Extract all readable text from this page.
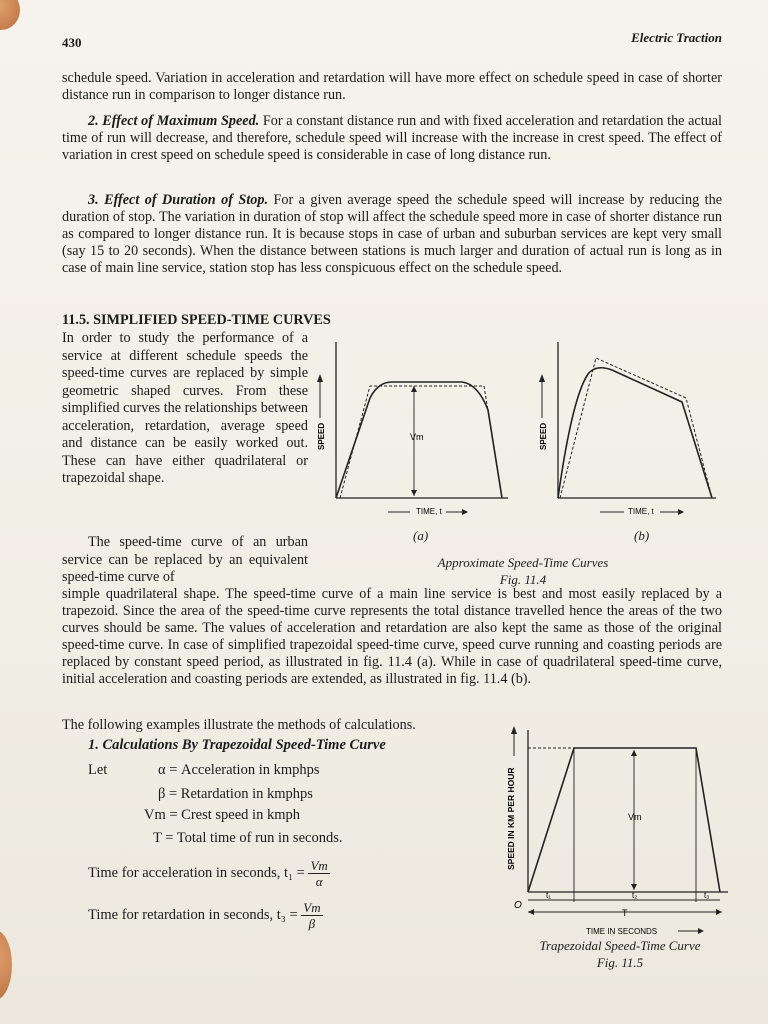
430	Electric Traction
schedule speed. Variation in acceleration and retardation will have more effect on schedule speed in case of shorter distance run in comparison to longer distance run.
2. Effect of Maximum Speed. For a constant distance run and with fixed acceleration and retardation the actual time of run will decrease, and therefore, schedule speed will increase with the increase in crest speed. The effect of variation in crest speed on schedule speed is considerable in case of long distance run.
3. Effect of Duration of Stop. For a given average speed the schedule speed will increase by reducing the duration of stop. The variation in duration of stop will affect the schedule speed more in case of shorter distance run as compared to longer distance run. It is because stops in case of urban and suburban services are kept very small (say 15 to 20 seconds). When the distance between stations is much larger and duration of actual run is long as in case of main line service, station stop has less conspicuous effect on the schedule speed.
11.5. SIMPLIFIED SPEED-TIME CURVES
In order to study the performance of a service at different schedule speeds the speed-time curves are replaced by simple geometric shaped curves. From these simplified curves the relationships between acceleration, retardation, average speed and distance can be easily worked out. These can have either quadrilateral or trapezoidal shape.
The speed-time curve of an urban service can be replaced by an equivalent speed-time curve of
Vm
SPEED
TIME, t
(a)
SPEED
TIME, t
(b)
Approximate Speed-Time Curves
Fig. 11.4
simple quadrilateral shape. The speed-time curve of a main line service is best and most easily replaced by a trapezoid. Since the area of the speed-time curve represents the total distance travelled hence the areas of the two curves should be same. The values of acceleration and retardation are also kept the same as those of the original speed-time curve. In case of simplified trapezoidal speed-time curve, speed curve running and coasting periods are replaced by constant speed period, as illustrated in fig. 11.4 (a). While in case of quadrilateral speed-time curve, initial acceleration and coasting periods are extended, as illustrated in fig. 11.4 (b).
The following examples illustrate the methods of calculations.
1. Calculations By Trapezoidal Speed-Time Curve
Let	α = Acceleration in kmphps
β = Retardation in kmphps
Vm = Crest speed in kmph
T = Total time of run in seconds.
Time for acceleration in seconds, $t_1 = \frac{Vm}{\alpha}$
Time for retardation in seconds, $t_3 = \frac{Vm}{\beta}$
Vm
SPEED IN KM PER HOUR
O
t₁	t₂	t₃
T
TIME IN SECONDS
Trapezoidal Speed-Time Curve
Fig. 11.5
